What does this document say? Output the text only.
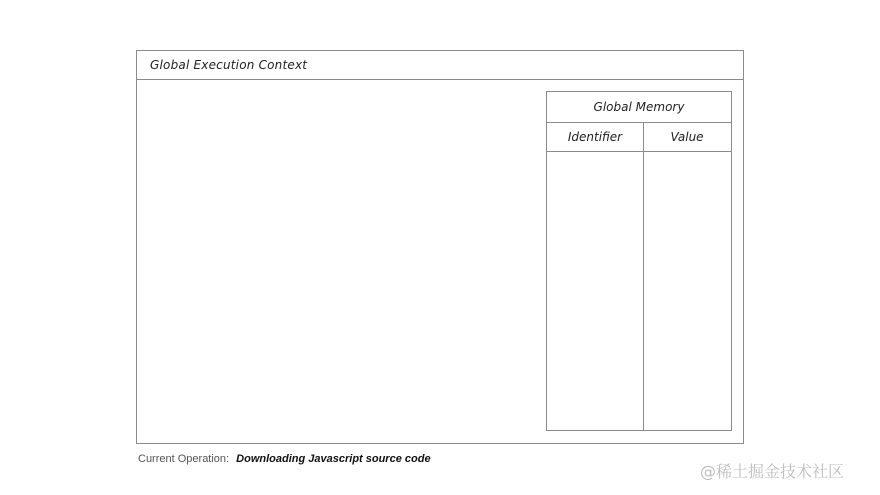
Global Execution Context
Global Memory
Identifier	Value
Current Operation: Downloading Javascript source code
@稀土掘金技术社区
